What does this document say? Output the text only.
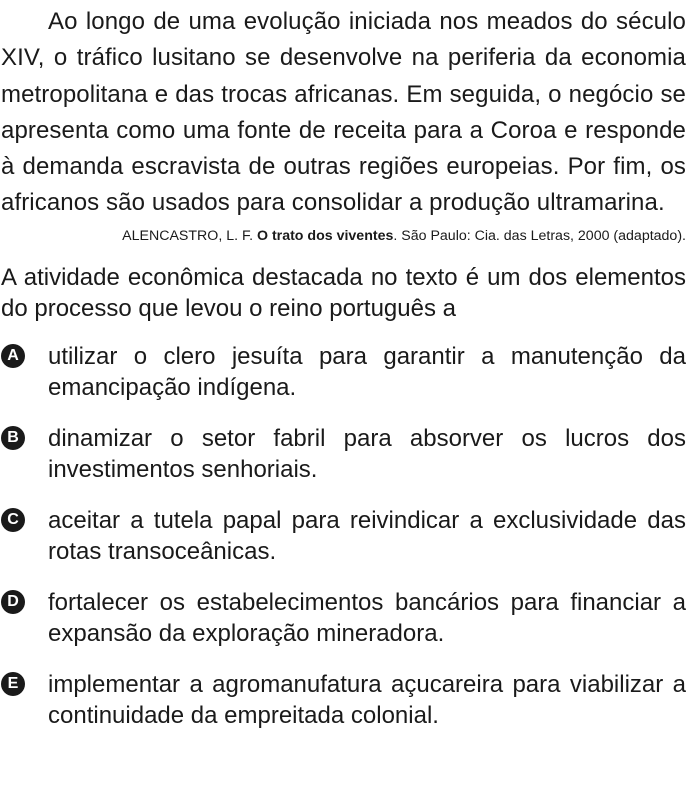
Ao longo de uma evolução iniciada nos meados do século XIV, o tráfico lusitano se desenvolve na periferia da economia metropolitana e das trocas africanas. Em seguida, o negócio se apresenta como uma fonte de receita para a Coroa e responde à demanda escravista de outras regiões europeias. Por fim, os africanos são usados para consolidar a produção ultramarina.

ALENCASTRO, L. F. O trato dos viventes. São Paulo: Cia. das Letras, 2000 (adaptado).

A atividade econômica destacada no texto é um dos elementos do processo que levou o reino português a

A utilizar o clero jesuíta para garantir a manutenção da emancipação indígena.
B dinamizar o setor fabril para absorver os lucros dos investimentos senhoriais.
C aceitar a tutela papal para reivindicar a exclusividade das rotas transoceânicas.
D fortalecer os estabelecimentos bancários para financiar a expansão da exploração mineradora.
E implementar a agromanufatura açucareira para viabilizar a continuidade da empreitada colonial.
